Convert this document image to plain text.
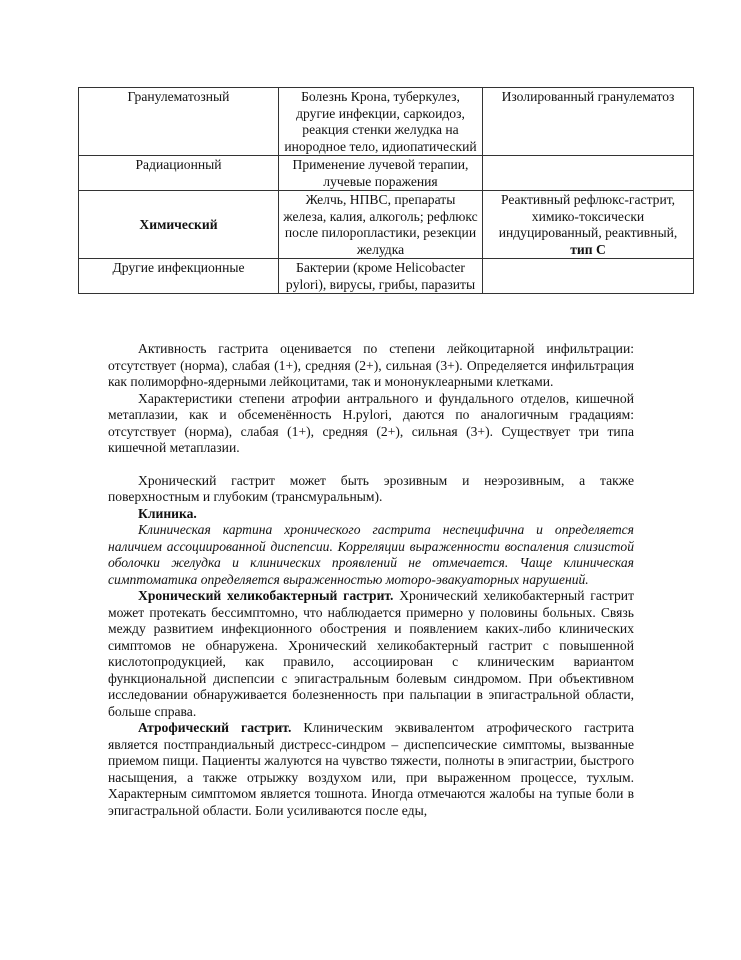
Гранулематозный	Болезнь Крона, туберкулез, другие инфекции, саркоидоз, реакция стенки желудка на инородное тело, идиопатический	Изолированный гранулематоз
Радиационный	Применение лучевой терапии, лучевые поражения	
Химический	Желчь, НПВС, препараты железа, калия, алкоголь; рефлюкс после пилоропластики, резекции желудка	Реактивный рефлюкс-гастрит, химико-токсически индуцированный, реактивный, тип С
Другие инфекционные	Бактерии (кроме Helicobacter pylori), вирусы, грибы, паразиты	

Активность гастрита оценивается по степени лейкоцитарной инфильтрации: отсутствует (норма), слабая (1+), средняя (2+), сильная (3+). Определяется инфильтрация как полиморфно-ядерными лейкоцитами, так и мононуклеарными клетками.

Характеристики степени атрофии антрального и фундального отделов, кишечной метаплазии, как и обсеменённость H.pylori, даются по аналогичным градациям: отсутствует (норма), слабая (1+), средняя (2+), сильная (3+). Существует три типа кишечной метаплазии.

Хронический гастрит может быть эрозивным и неэрозивным, а также поверхностным и глубоким (трансмуральным).

Клиника.

Клиническая картина хронического гастрита неспецифична и определяется наличием ассоциированной диспепсии. Корреляции выраженности воспаления слизистой оболочки желудка и клинических проявлений не отмечается. Чаще клиническая симптоматика определяется выраженностью моторо-эвакуаторных нарушений.

Хронический хеликобактерный гастрит. Хронический хеликобактерный гастрит может протекать бессимптомно, что наблюдается примерно у половины больных. Связь между развитием инфекционного обострения и появлением каких-либо клинических симптомов не обнаружена. Хронический хеликобактерный гастрит с повышенной кислотопродукцией, как правило, ассоциирован с клиническим вариантом функциональной диспепсии с эпигастральным болевым синдромом. При объективном исследовании обнаруживается болезненность при пальпации в эпигастральной области, больше справа.

Атрофический гастрит. Клиническим эквивалентом атрофического гастрита является постпрандиальный дистресс-синдром – диспепсические симптомы, вызванные приемом пищи. Пациенты жалуются на чувство тяжести, полноты в эпигастрии, быстрого насыщения, а также отрыжку воздухом или, при выраженном процессе, тухлым. Характерным симптомом является тошнота. Иногда отмечаются жалобы на тупые боли в эпигастральной области. Боли усиливаются после еды,
